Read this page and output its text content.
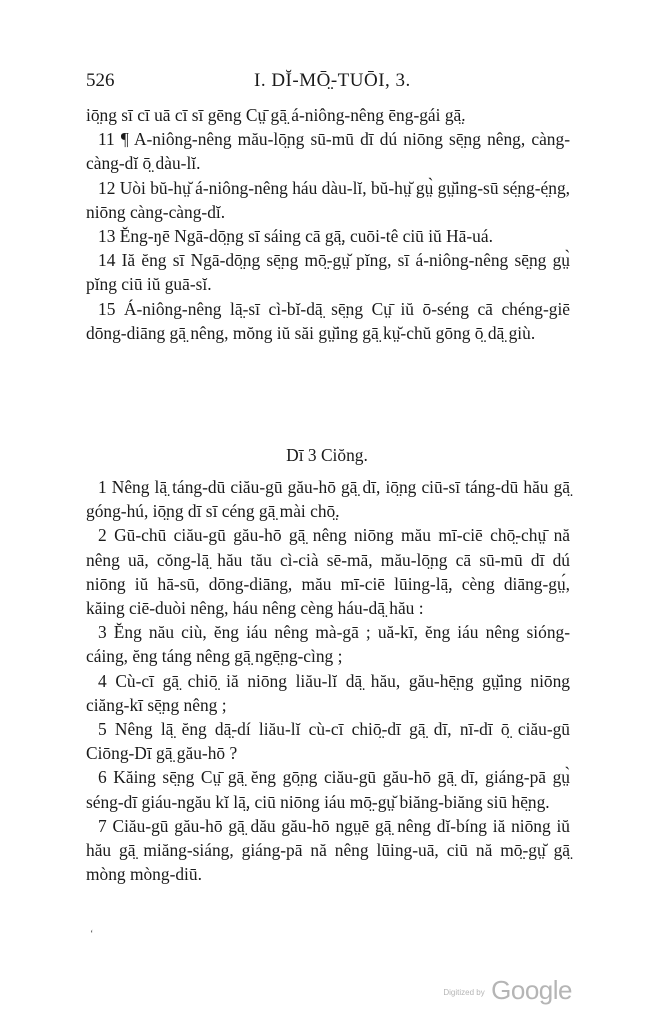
526	I. DĬ-MŌ̤-TUŌI, 3.

iō̤ng sī cī uā cī sī gēng Cṳ̄ gā̤ á-niông-nêng ēng-gái gā̤.

11 ¶ A-niông-nêng mău-lō̤ng sū-mū dī dú niōng sē̤ng nêng, càng-càng-dĭ ō̤ dàu-lĭ.

12 Uòi bŭ-hṳ̆ á-niông-nêng háu dàu-lĭ, bŭ-hṳ̆ gṳ̀ gṳ̆ing-sū sé̤ng-é̤ng, niōng càng-càng-dĭ.

13 Ĕng-ŋē Ngā-dō̤ng sī sáing cā gā̤, cuōi-tê ciū iŭ Hā-uá.

14 Iă ĕng sī Ngā-dō̤ng sē̤ng mō̤-gṳ̆ pĭng, sī á-niông-nêng sē̤ng gṳ̀ pĭng ciū iŭ guā-sĭ.

15 Á-niông-nêng lā̤-sī cì-bĭ-dā̤ sē̤ng Cṳ̄ iŭ ō-séng cā chéng-giē dōng-diāng gā̤ nêng, mŏng iŭ săi gṳ̆ing gā̤ kṳ̆-chŭ gōng ō̤ dā̤ giù.

Dī 3 Ciŏng.

1 Nêng lā̤ táng-dū ciău-gū gău-hō gā̤ dī, iō̤ng ciū-sī táng-dū hău gā̤ góng-hú, iō̤ng dī sī céng gā̤ mài chō̤.

2 Gū-chū ciău-gū gău-hō gā̤ nêng niōng mău mī-ciē chō̤-chṳ̄ nă nêng uā, cŏng-lā̤ hău tău cì-cià sē-mā, mău-lō̤ng cā sū-mū dī dú niōng iŭ hā-sū, dōng-diāng, mău mī-ciē lūing-lā̤, cèng diāng-gṳ́, kăing ciē-duòi nêng, háu nêng cèng háu-dā̤ hău :

3 Ĕng nău ciù, ĕng iáu nêng mà-gā ; uă-kī, ĕng iáu nêng sióng-cáing, ĕng táng nêng gā̤ ngē̤ng-cìng ;

4 Cù-cī gā̤ chiō̤ iă niōng liău-lĭ dā̤ hău, gău-hē̤ng gṳ̆ing niōng ciăng-kī sē̤ng nêng ;

5 Nêng lā̤ ĕng dā̤-dí liău-lĭ cù-cī chiō̤-dī gā̤ dī, nī-dī ō̤ ciău-gū Ciōng-Dī gā̤ gău-hō ?

6 Kăing sē̤ng Cṳ̄ gā̤ ĕng gō̤ng ciău-gū gău-hō gā̤ dī, giáng-pā gṳ̀ séng-dī giáu-ngău kĭ lā̤, ciū niōng iáu mō̤-gṳ̆ biăng-biăng siū hē̤ng.

7 Ciău-gū gău-hō gā̤ dău gău-hō ngṳē gā̤ nêng dĭ-bíng iă niōng iŭ hău gā̤ miăng-siáng, giáng-pā nă nêng lūing-uā, ciū nă mō̤-gṳ̆ gā̤ mòng mòng-diū.

‘
$^{Digitized by}$ Google
